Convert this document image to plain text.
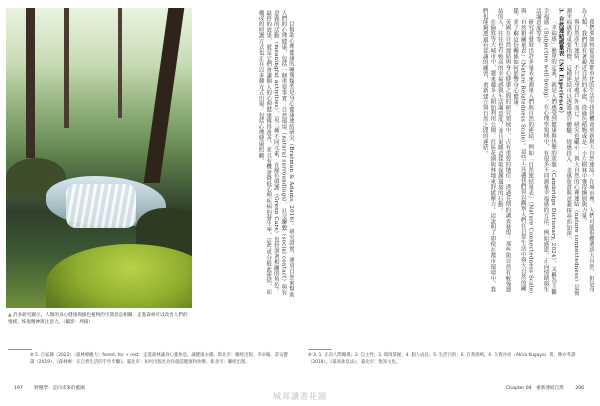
▲ 許多研究顯示，人類的身心健康與綠色植物的空間息息相關，走進森林可以改善人們的情緒，恢復精神與注意力。（攝影：周揚）

以幫助心理健康的嘛幾類型是身心健康連結研究（Bratman & Adams, 2016）。研究證實，運用自然來幫助人們的心理健康，包括一個重要事實：自然環境（natural surroundings）、社交聯繫（social contact）與有意義的活動（meaningful activities）。這三種不同元素，在綠色照護（Green Care）也扮演著相關的角色。最終的效果，就是它們會讓個人的心理健康獲得改善，並且有機會降低心理疾病的發生率。這些成分彼此連結，而構成的照護方式也正在以多種方式出現：包括心理健康照顧。

※ 5. 自家縣（2022）〈森林療癒力〉forest, for + rest：走進森林讓身心靈休息，讓健康永續。新北市：聯經出版；李卓翰，莊安寶譯（2019）。《森林療：在自然生活的手作步驟》。臺北市：如何出版社為你創造健康和快樂。新北市：聯經出版。
197 野蠻學：走向未來的藍圖

我們要如何從高度都市化的生活中找到機會重新與大自然連結？在城市裡，人們可能很難遇到大自然，但是身為人類，我們卻有著親近自然的本能，從綠色植物或是一小片樹林中獲得撫慰與力量。

與自然產生連結，不只是身處戶外而已。研究也顯示：與大自然的心理連結（nature connectedness）是預測幸福感的重要指標，這種連結可以透過感官體驗、情感投入、美感欣賞與意義探尋而加深。

3. 自然連結感量表（NR Experience）

「幸福感」簡單的定義，就是人們感受到健康與快樂的狀態（Cambridge Dictionary, 2024），又稱為主觀幸福感（Subjective well-being）。在心理學領域中，有很多不同測量幸福感的方法，例如感恩、正向情緒與生活滿意度等等。

研究者發展出許多量表來測量人們與自然的連結，例如「自然連結量表」（Nature Connectedness Scale）與「自然相關量表」（Nature Relatedness Scale）。這些工具讓我們得以觀察人們在日常生活中與大自然的關係，並了解這份關係如何影響身心健康。

英國在自然連結與身心健康之間的研究領域中，占有重要的地位。透過長期的調查發現：那些與自然有較強連結的人，往往也有較高的幸福感與生活滿意度，並且更願意採取保護環境的行動。

在倫敦等大城市中，越來越多人開始利用公園、社區花園與林地來舒緩壓力。這說明了即使在都市環境中，我們也能夠透過有意識的練習，重新建立與自然之間的連結。

※ 3. 1. 正向人際關係；2. 自主性；3. 環境掌握；4. 個人成長；5. 生活目的；6. 自我接納。4. 久賀谷亮（Akira Kugaya）著，陳亦苓譯（2018）。《最高休息法》。臺北市：悅知文化。
Chapter 04　重新連結自然 206
城邦讀書花園
